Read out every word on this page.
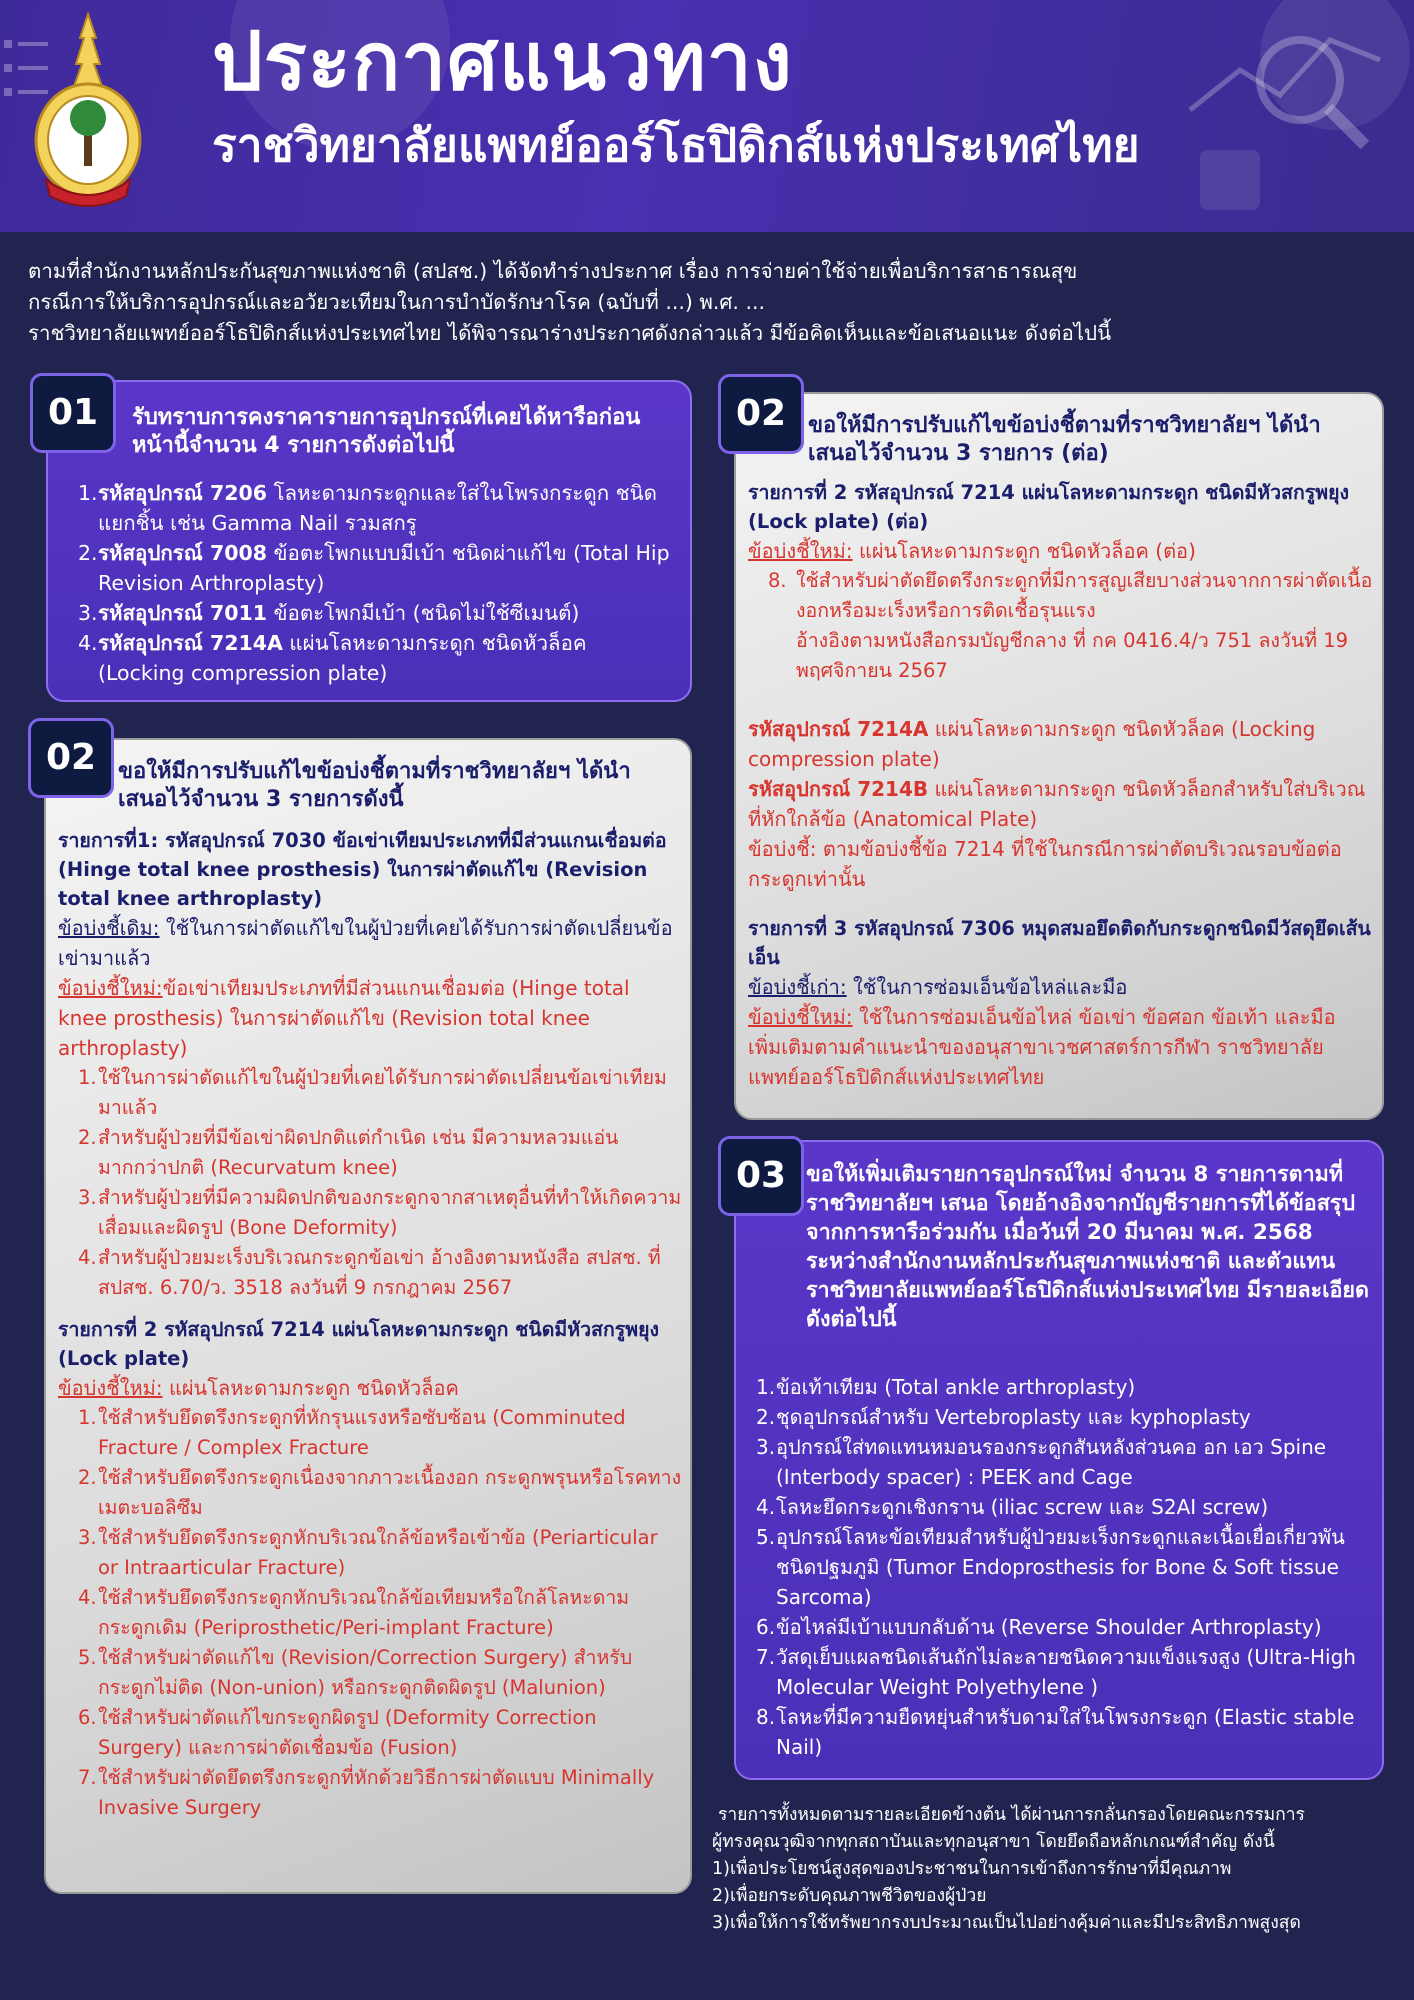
ประกาศแนวทาง
ราชวิทยาลัยแพทย์ออร์โธปิดิกส์แห่งประเทศไทย

ตามที่สำนักงานหลักประกันสุขภาพแห่งชาติ (สปสช.) ได้จัดทำร่างประกาศ เรื่อง การจ่ายค่าใช้จ่ายเพื่อบริการสาธารณสุข

กรณีการให้บริการอุปกรณ์และอวัยวะเทียมในการบำบัดรักษาโรค (ฉบับที่ ...) พ.ศ. ...

ราชวิทยาลัยแพทย์ออร์โธปิดิกส์แห่งประเทศไทย ได้พิจารณาร่างประกาศดังกล่าวแล้ว มีข้อคิดเห็นและข้อเสนอแนะ ดังต่อไปนี้

รับทราบการคงราคารายการอุปกรณ์ที่เคยได้หารือก่อนหน้านี้จำนวน 4 รายการดังต่อไปนี้
1. รหัสอุปกรณ์ 7206 โลหะดามกระดูกและใส่ในโพรงกระดูก ชนิดแยกชิ้น เช่น Gamma Nail รวมสกรู
2. รหัสอุปกรณ์ 7008 ข้อตะโพกแบบมีเบ้า ชนิดผ่าแก้ไข (Total Hip Revision Arthroplasty)
3. รหัสอุปกรณ์ 7011 ข้อตะโพกมีเบ้า (ชนิดไม่ใช้ซีเมนต์)
4. รหัสอุปกรณ์ 7214A แผ่นโลหะดามกระดูก ชนิดหัวล็อค (Locking compression plate)
01
ขอให้มีการปรับแก้ไขข้อบ่งชี้ตามที่ราชวิทยาลัยฯ ได้นำเสนอไว้จำนวน 3 รายการดังนี้
รายการที่1: รหัสอุปกรณ์ 7030 ข้อเข่าเทียมประเภทที่มีส่วนแกนเชื่อมต่อ (Hinge total knee prosthesis) ในการผ่าตัดแก้ไข (Revision total knee arthroplasty)
ข้อบ่งชี้เดิม: ใช้ในการผ่าตัดแก้ไขในผู้ป่วยที่เคยได้รับการผ่าตัดเปลี่ยนข้อเข่ามาแล้ว
ข้อบ่งชี้ใหม่:ข้อเข่าเทียมประเภทที่มีส่วนแกนเชื่อมต่อ (Hinge total knee prosthesis) ในการผ่าตัดแก้ไข (Revision total knee arthroplasty)
1. ใช้ในการผ่าตัดแก้ไขในผู้ป่วยที่เคยได้รับการผ่าตัดเปลี่ยนข้อเข่าเทียมมาแล้ว
2. สำหรับผู้ป่วยที่มีข้อเข่าผิดปกติแต่กำเนิด เช่น มีความหลวมแอ่นมากกว่าปกติ (Recurvatum knee)
3. สำหรับผู้ป่วยที่มีความผิดปกติของกระดูกจากสาเหตุอื่นที่ทำให้เกิดความเสื่อมและผิดรูป (Bone Deformity)
4. สำหรับผู้ป่วยมะเร็งบริเวณกระดูกข้อเข่า อ้างอิงตามหนังสือ สปสช. ที่ สปสช. 6.70/ว. 3518 ลงวันที่ 9 กรกฎาคม 2567
รายการที่ 2 รหัสอุปกรณ์ 7214 แผ่นโลหะดามกระดูก ชนิดมีหัวสกรูพยุง (Lock plate)
ข้อบ่งชี้ใหม่: แผ่นโลหะดามกระดูก ชนิดหัวล็อค
1. ใช้สำหรับยึดตรึงกระดูกที่หักรุนแรงหรือซับซ้อน (Comminuted Fracture / Complex Fracture
2. ใช้สำหรับยึดตรึงกระดูกเนื่องจากภาวะเนื้องอก กระดูกพรุนหรือโรคทางเมตะบอลิซึม
3. ใช้สำหรับยึดตรึงกระดูกหักบริเวณใกล้ข้อหรือเข้าข้อ (Periarticular or Intraarticular Fracture)
4. ใช้สำหรับยึดตรึงกระดูกหักบริเวณใกล้ข้อเทียมหรือใกล้โลหะดามกระดูกเดิม (Periprosthetic/Peri-implant Fracture)
5. ใช้สำหรับผ่าตัดแก้ไข (Revision/Correction Surgery) สำหรับกระดูกไม่ติด (Non-union) หรือกระดูกติดผิดรูป (Malunion)
6. ใช้สำหรับผ่าตัดแก้ไขกระดูกผิดรูป (Deformity Correction Surgery) และการผ่าตัดเชื่อมข้อ (Fusion)
7. ใช้สำหรับผ่าตัดยึดตรึงกระดูกที่หักด้วยวิธีการผ่าตัดแบบ Minimally Invasive Surgery
02
ขอให้มีการปรับแก้ไขข้อบ่งชี้ตามที่ราชวิทยาลัยฯ ได้นำเสนอไว้จำนวน 3 รายการ (ต่อ)
รายการที่ 2 รหัสอุปกรณ์ 7214 แผ่นโลหะดามกระดูก ชนิดมีหัวสกรูพยุง (Lock plate) (ต่อ)
ข้อบ่งชี้ใหม่: แผ่นโลหะดามกระดูก ชนิดหัวล็อค (ต่อ)
8. ใช้สำหรับผ่าตัดยึดตรึงกระดูกที่มีการสูญเสียบางส่วนจากการผ่าตัดเนื้องอกหรือมะเร็งหรือการติดเชื้อรุนแรง
อ้างอิงตามหนังสือกรมบัญชีกลาง ที่ กค 0416.4/ว 751 ลงวันที่ 19 พฤศจิกายน 2567
รหัสอุปกรณ์ 7214A แผ่นโลหะดามกระดูก ชนิดหัวล็อค (Locking compression plate)
รหัสอุปกรณ์ 7214B แผ่นโลหะดามกระดูก ชนิดหัวล็อกสำหรับใส่บริเวณที่หักใกล้ข้อ (Anatomical Plate)
ข้อบ่งชี้: ตามข้อบ่งชี้ข้อ 7214 ที่ใช้ในกรณีการผ่าตัดบริเวณรอบข้อต่อกระดูกเท่านั้น
รายการที่ 3 รหัสอุปกรณ์ 7306 หมุดสมอยึดติดกับกระดูกชนิดมีวัสดุยึดเส้นเอ็น
ข้อบ่งชี้เก่า: ใช้ในการซ่อมเอ็นข้อไหล่และมือ
ข้อบ่งชี้ใหม่: ใช้ในการซ่อมเอ็นข้อไหล่ ข้อเข่า ข้อศอก ข้อเท้า และมือ เพิ่มเติมตามคำแนะนำของอนุสาขาเวชศาสตร์การกีฬา ราชวิทยาลัยแพทย์ออร์โธปิดิกส์แห่งประเทศไทย
02
ขอให้เพิ่มเติมรายการอุปกรณ์ใหม่ จำนวน 8 รายการตามที่ราชวิทยาลัยฯ เสนอ โดยอ้างอิงจากบัญชีรายการที่ได้ข้อสรุปจากการหารือร่วมกัน เมื่อวันที่ 20 มีนาคม พ.ศ. 2568 ระหว่างสำนักงานหลักประกันสุขภาพแห่งชาติ และตัวแทนราชวิทยาลัยแพทย์ออร์โธปิดิกส์แห่งประเทศไทย มีรายละเอียดดังต่อไปนี้
1. ข้อเท้าเทียม (Total ankle arthroplasty)
2. ชุดอุปกรณ์สำหรับ Vertebroplasty และ kyphoplasty
3. อุปกรณ์ใส่ทดแทนหมอนรองกระดูกสันหลังส่วนคอ อก เอว Spine (Interbody spacer) : PEEK and Cage
4. โลหะยึดกระดูกเชิงกราน (iliac screw และ S2AI screw)
5. อุปกรณ์โลหะข้อเทียมสำหรับผู้ป่วยมะเร็งกระดูกและเนื้อเยื่อเกี่ยวพันชนิดปฐมภูมิ (Tumor Endoprosthesis for Bone & Soft tissue Sarcoma)
6. ข้อไหล่มีเบ้าแบบกลับด้าน (Reverse Shoulder Arthroplasty)
7. วัสดุเย็บแผลชนิดเส้นถักไม่ละลายชนิดความแข็งแรงสูง (Ultra-High Molecular Weight Polyethylene )
8. โลหะที่มีความยืดหยุ่นสำหรับดามใส่ในโพรงกระดูก (Elastic stable Nail)
03

รายการทั้งหมดตามรายละเอียดข้างต้น ได้ผ่านการกลั่นกรองโดยคณะกรรมการ

ผู้ทรงคุณวุฒิจากทุกสถาบันและทุกอนุสาขา โดยยึดถือหลักเกณฑ์สำคัญ ดังนี้

1)เพื่อประโยชน์สูงสุดของประชาชนในการเข้าถึงการรักษาที่มีคุณภาพ

2)เพื่อยกระดับคุณภาพชีวิตของผู้ป่วย

3)เพื่อให้การใช้ทรัพยากรงบประมาณเป็นไปอย่างคุ้มค่าและมีประสิทธิภาพสูงสุด
